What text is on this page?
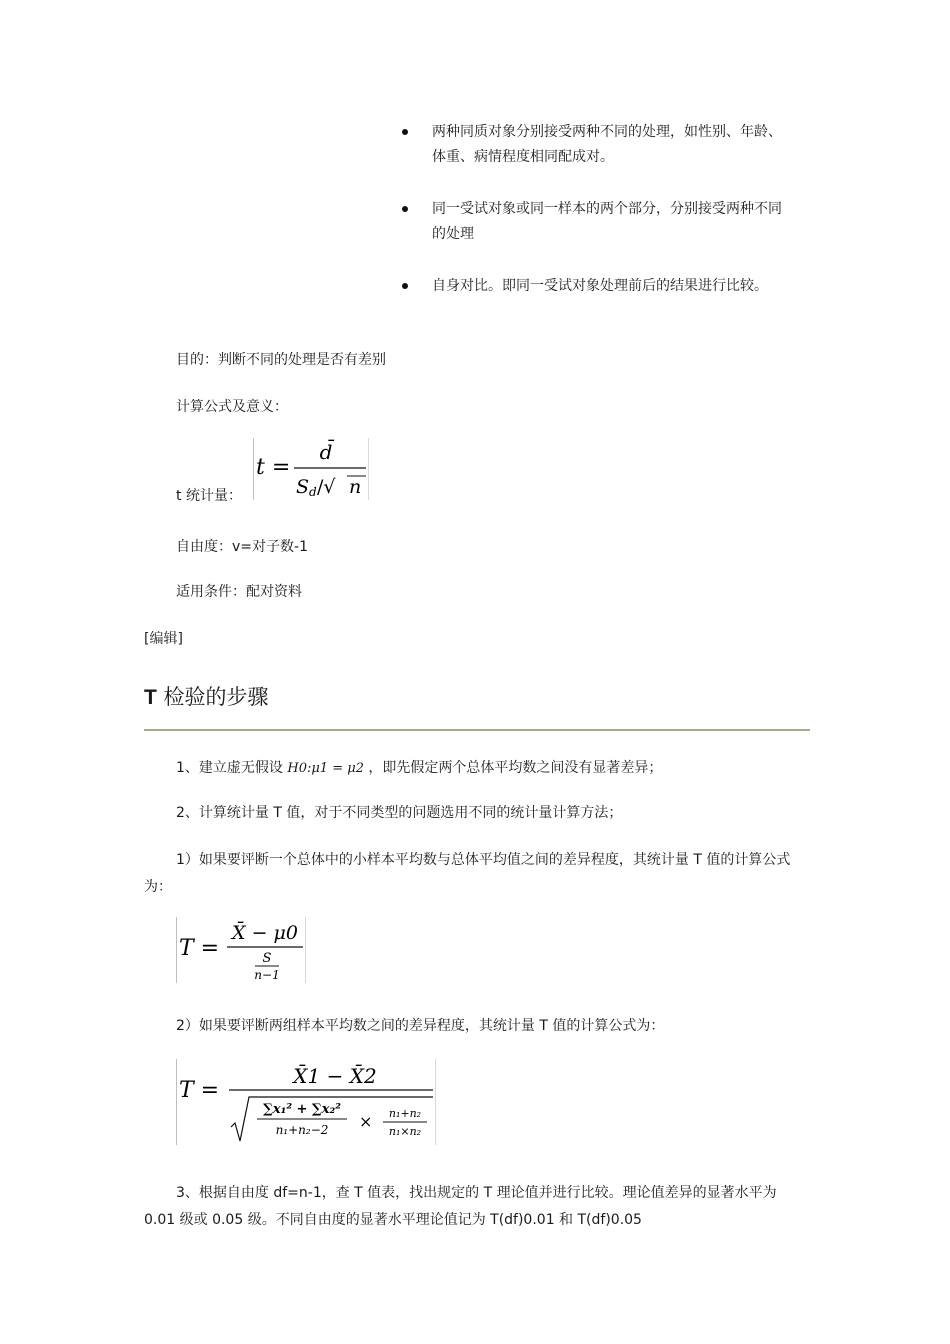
两种同质对象分别接受两种不同的处理，如性别、年龄、体重、病情程度相同配成对。
同一受试对象或同一样本的两个部分，分别接受两种不同的处理
自身对比。即同一受试对象处理前后的结果进行比较。
目的：判断不同的处理是否有差别
计算公式及意义：
t 统计量：
t =
d̄
S d /√ n
自由度：v=对子数-1
适用条件：配对资料
[编辑]
T 检验的步骤
1、建立虚无假设 H0:μ1 = μ2 ，即先假定两个总体平均数之间没有显著差异；
2、计算统计量 T 值，对于不同类型的问题选用不同的统计量计算方法；
1）如果要评断一个总体中的小样本平均数与总体平均值之间的差异程度，其统计量 T 值的计算公式为：
T =
X̄ − μ0
S
n−1
2）如果要评断两组样本平均数之间的差异程度，其统计量 T 值的计算公式为：
T =
X̄1 − X̄2
∑x₁² + ∑x₂²
n₁+n₂−2 × n₁+n₂
n₁×n₂
3、根据自由度 df=n-1，查 T 值表，找出规定的 T 理论值并进行比较。理论值差异的显著水平为 0.01 级或 0.05 级。不同自由度的显著水平理论值记为 T(df)0.01 和 T(df)0.05
